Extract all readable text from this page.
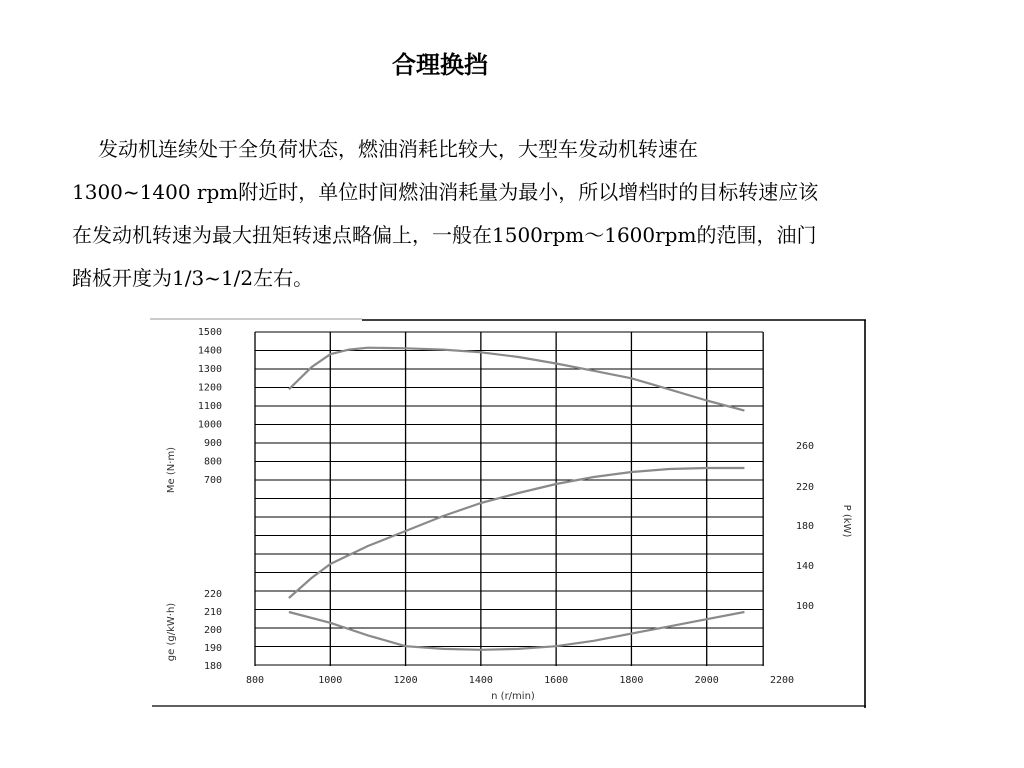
合理换挡

发动机连续处于全负荷状态，燃油消耗比较大，大型车发动机转速在
1300~1400 rpm附近时，单位时间燃油消耗量为最小，所以增档时的目标转速应该
在发动机转速为最大扭矩转速点略偏上，一般在1500rpm～1600rpm的范围，油门
踏板开度为1/3~1/2左右。

800	1000	1200	1400	1600	1800	2000	2200
1500
1400
1300
1200
1100
1000
900
800
700
220
210
200
190
180
260
220
180
140
100
Me (N·m)
ge (g/kW·h)
P (kW)
n (r/min)
